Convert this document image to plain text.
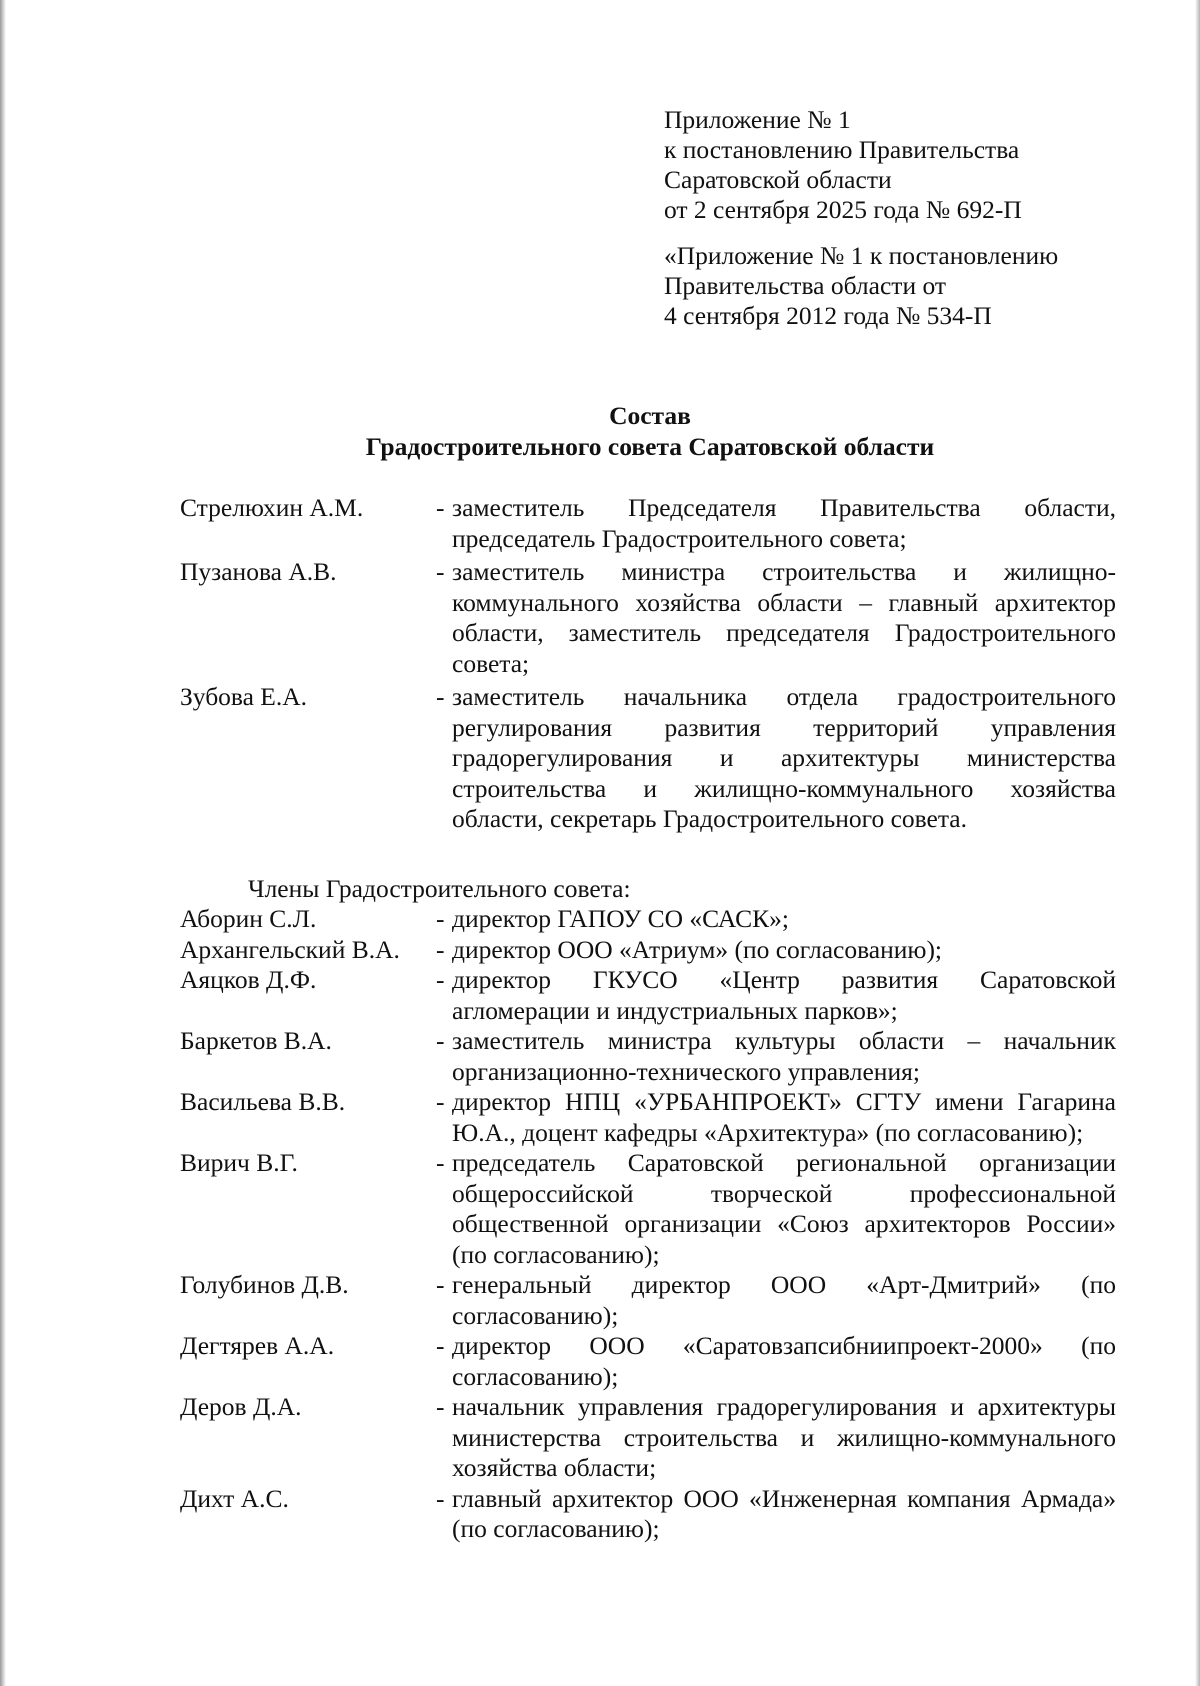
Приложение № 1
к постановлению Правительства
Саратовской области
от 2 сентября 2025 года № 692-П
«Приложение № 1 к постановлению
Правительства области от
4 сентября 2012 года № 534-П
Состав
Градостроительного совета Саратовской области
Стрелюхин А.М.	- заместитель Председателя Правительства области, председатель Градостроительного совета;
Пузанова А.В.	- заместитель министра строительства и жилищно-коммунального хозяйства области – главный архитектор области, заместитель председателя Градостроительного совета;
Зубова Е.А.	- заместитель начальника отдела градостроительного регулирования развития территорий управления градорегулирования и архитектуры министерства строительства и жилищно-коммунального хозяйства области, секретарь Градостроительного совета.
Члены Градостроительного совета:
Аборин С.Л.	- директор ГАПОУ СО «САСК»;
Архангельский В.А.	- директор ООО «Атриум» (по согласованию);
Аяцков Д.Ф.	- директор ГКУСО «Центр развития Саратовской агломерации и индустриальных парков»;
Баркетов В.А.	- заместитель министра культуры области – начальник организационно-технического управления;
Васильева В.В.	- директор НПЦ «УРБАНПРОЕКТ» СГТУ имени Гагарина Ю.А., доцент кафедры «Архитектура» (по согласованию);
Вирич В.Г.	- председатель Саратовской региональной организации общероссийской творческой профессиональной общественной организации «Союз архитекторов России» (по согласованию);
Голубинов Д.В.	- генеральный директор ООО «Арт-Дмитрий» (по согласованию);
Дегтярев А.А.	- директор ООО «Саратовзапсибниипроект-2000» (по согласованию);
Деров Д.А.	- начальник управления градорегулирования и архитектуры министерства строительства и жилищно-коммунального хозяйства области;
Дихт А.С.	- главный архитектор ООО «Инженерная компания Армада» (по согласованию);
